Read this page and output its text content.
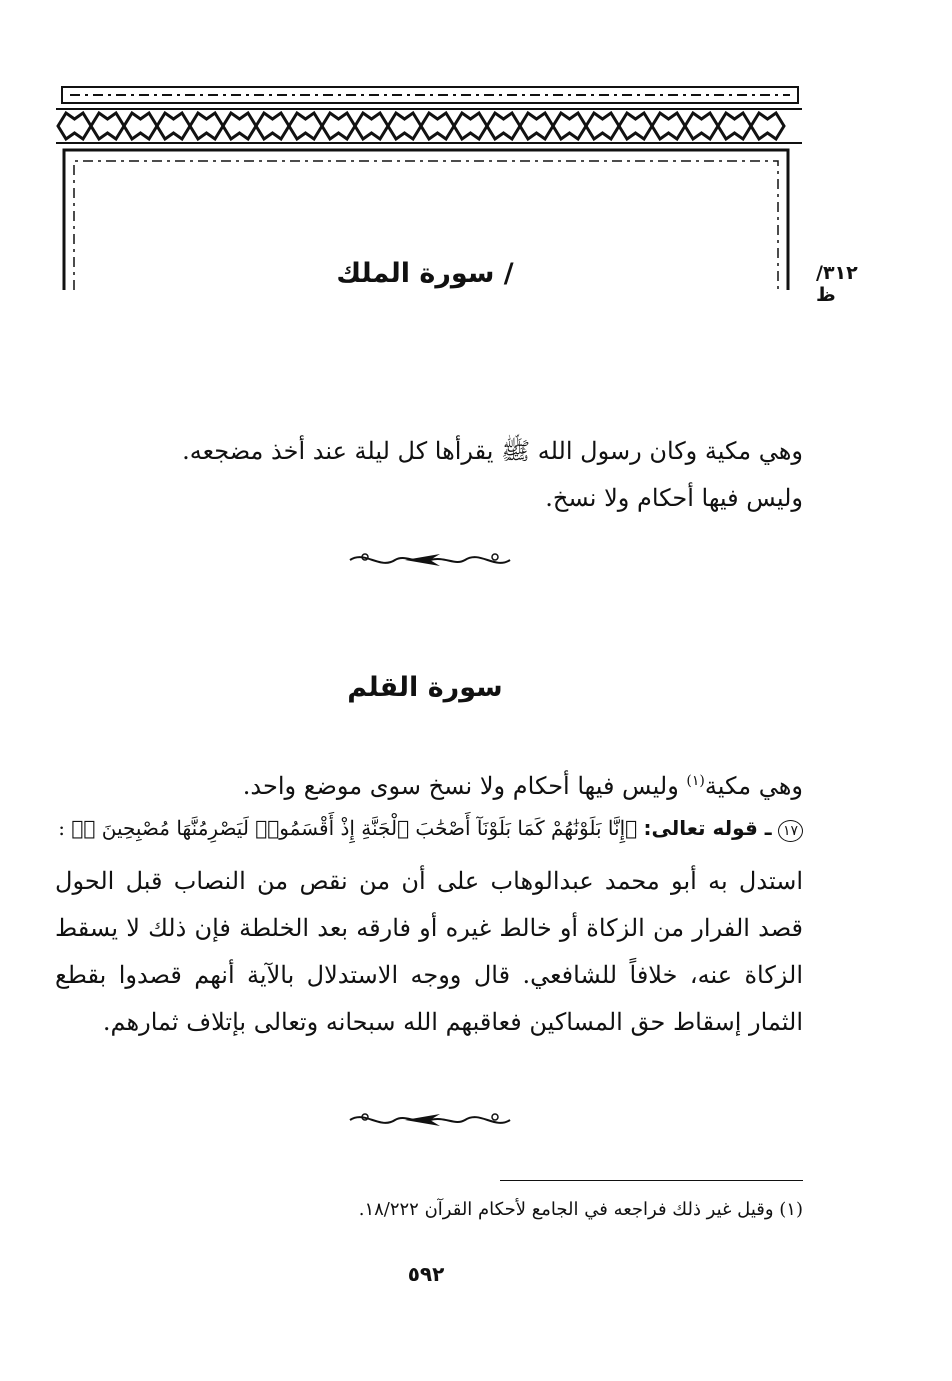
٣١٢/ظ
/ سورة الملك
وهي مكية وكان رسول الله ﷺ يقرأها كل ليلة عند أخذ مضجعه.
وليس فيها أحكام ولا نسخ.
سورة القلم
وهي مكية$^{(١)}$ وليس فيها أحكام ولا نسخ سوى موضع واحد.
١٧ ـ قوله تعالى: ﴿إِنَّا بَلَوْنَٰهُمْ كَمَا بَلَوْنَآ أَصْحَٰبَ ٱلْجَنَّةِ إِذْ أَقْسَمُوا۟ لَيَصْرِمُنَّهَا مُصْبِحِينَ ⑰﴾ :
استدل به أبو محمد عبدالوهاب على أن من نقص من النصاب قبل الحول قصد الفرار من الزكاة أو خالط غيره أو فارقه بعد الخلطة فإن ذلك لا يسقط الزكاة عنه، خلافاً للشافعي. قال ووجه الاستدلال بالآية أنهم قصدوا بقطع الثمار إسقاط حق المساكين فعاقبهم الله سبحانه وتعالى بإتلاف ثمارهم.
(١) وقيل غير ذلك فراجعه في الجامع لأحكام القرآن ١٨/٢٢٢.
٥٩٢
